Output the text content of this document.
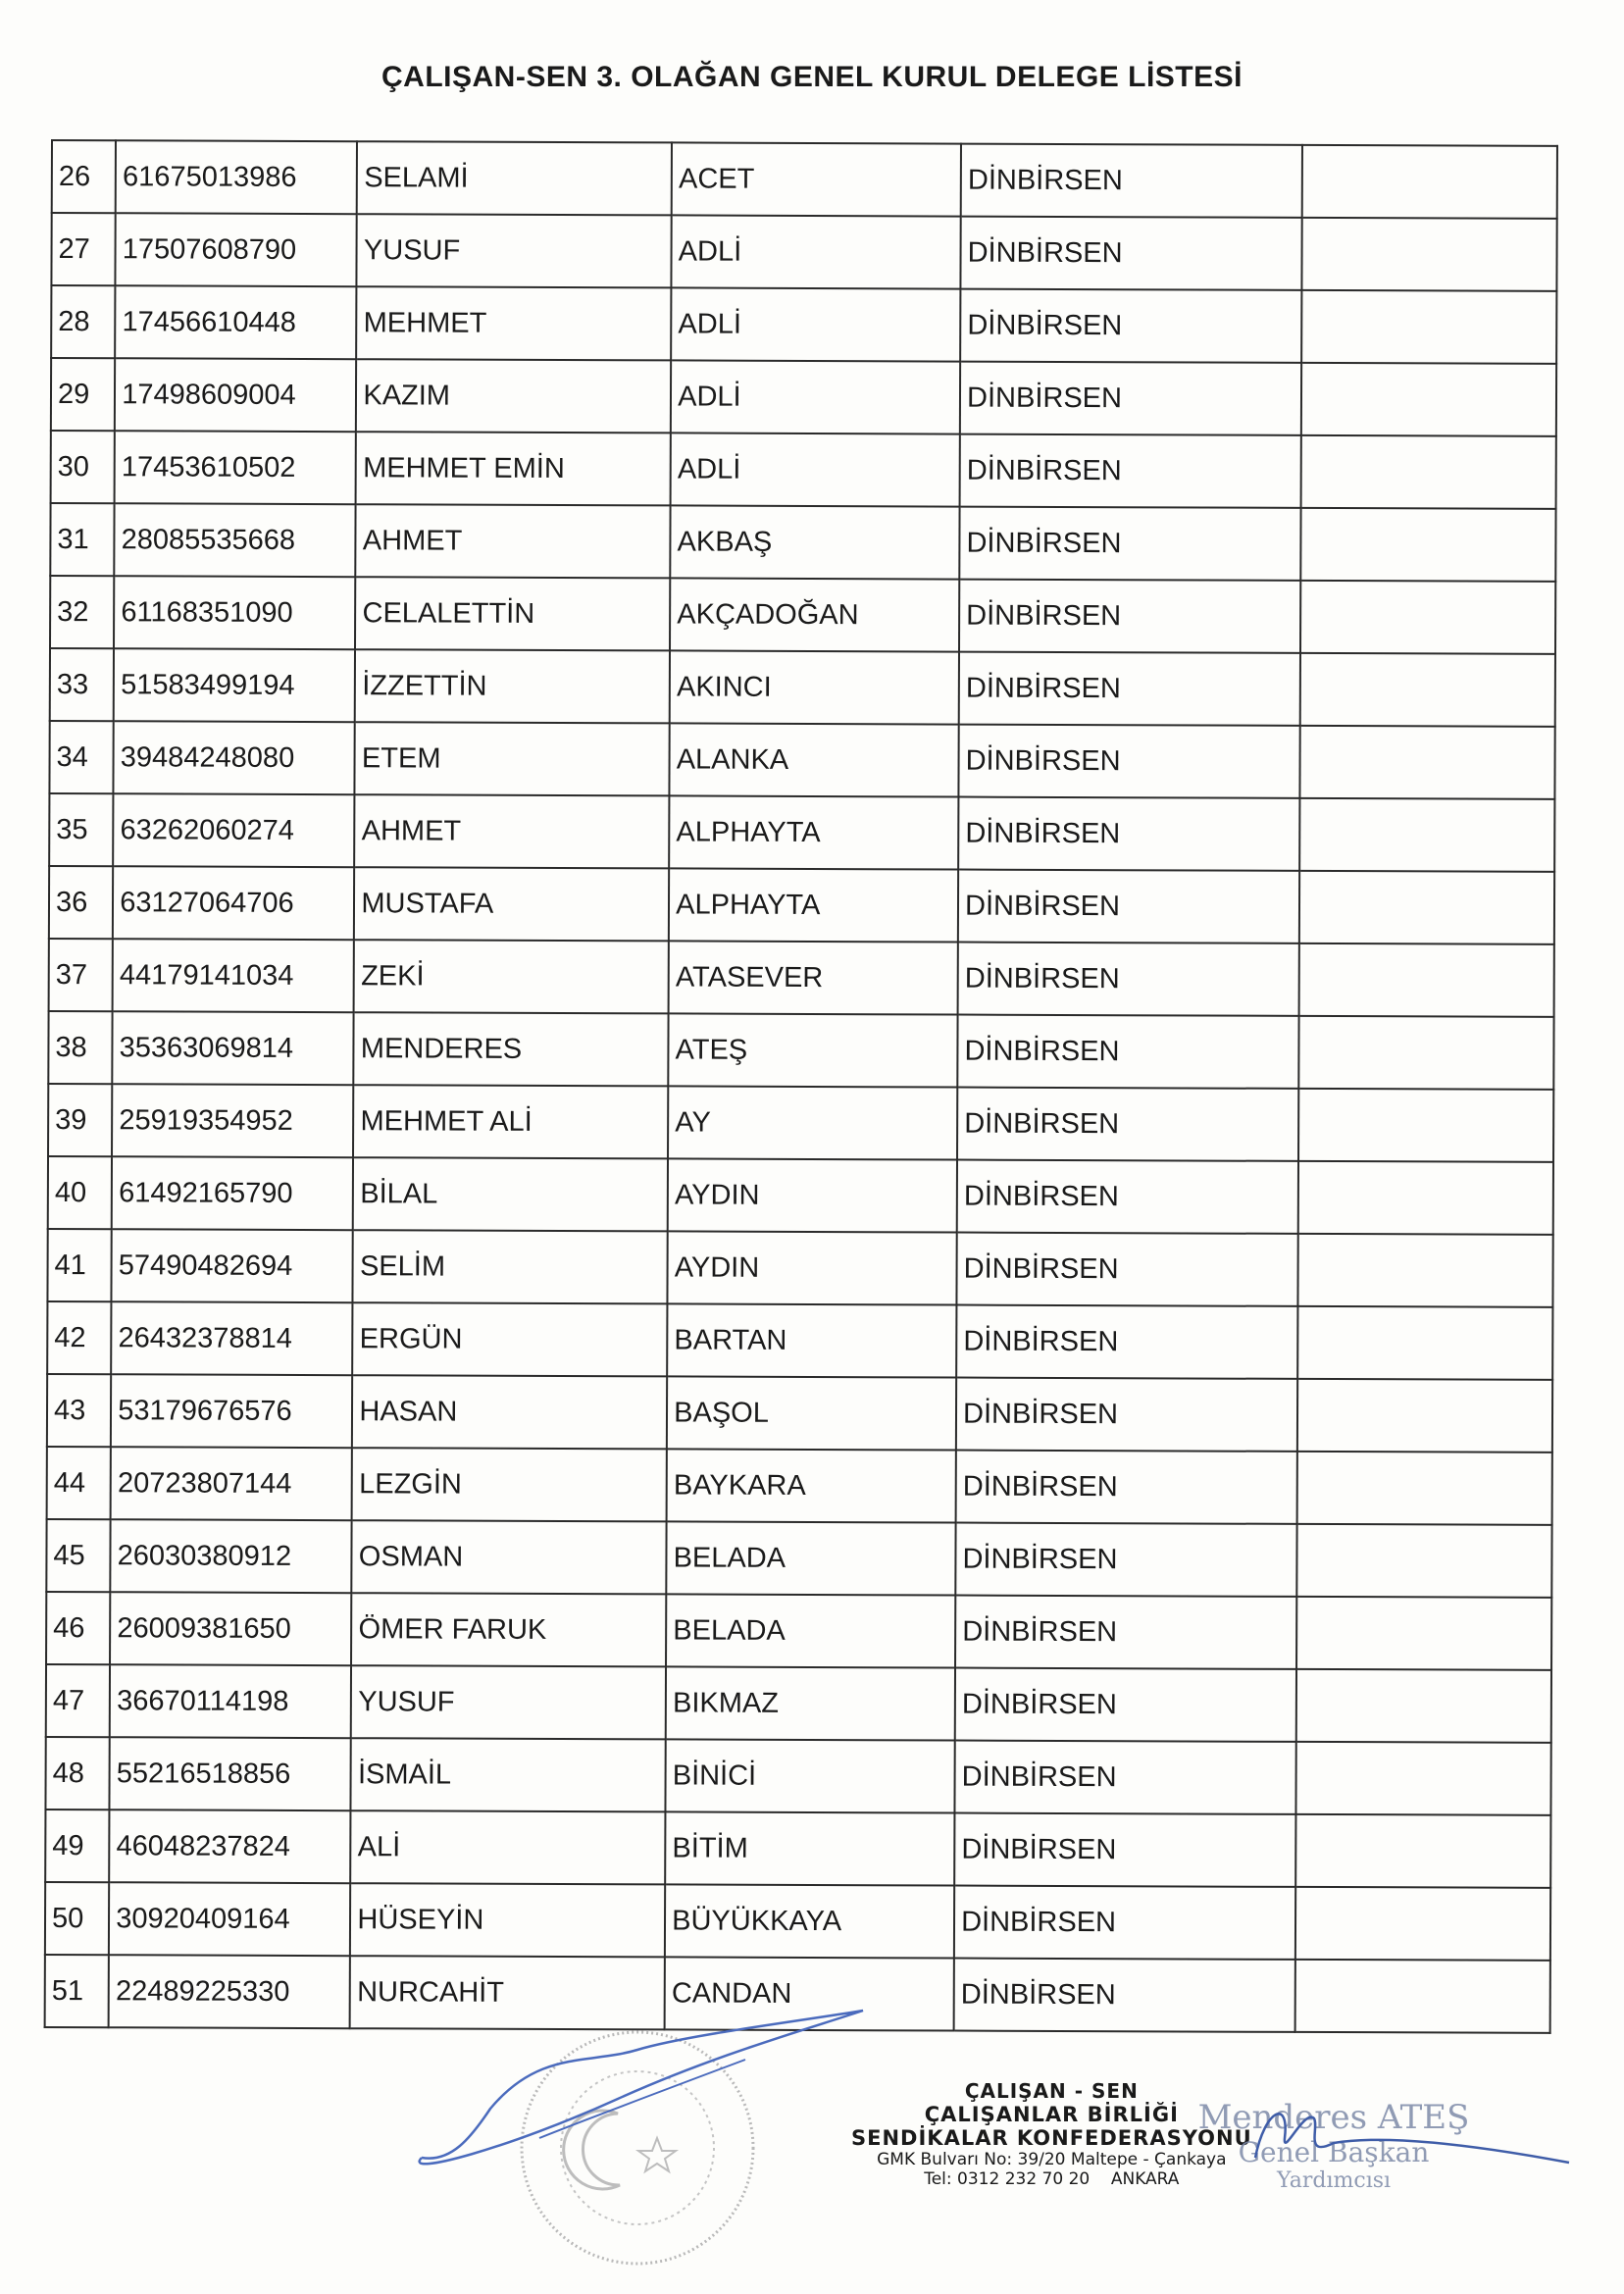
ÇALIŞAN-SEN 3. OLAĞAN GENEL KURUL DELEGE LİSTESİ
26	61675013986	SELAMİ	ACET	DİNBİRSEN	
27	17507608790	YUSUF	ADLİ	DİNBİRSEN	
28	17456610448	MEHMET	ADLİ	DİNBİRSEN	
29	17498609004	KAZIM	ADLİ	DİNBİRSEN	
30	17453610502	MEHMET EMİN	ADLİ	DİNBİRSEN	
31	28085535668	AHMET	AKBAŞ	DİNBİRSEN	
32	61168351090	CELALETTİN	AKÇADOĞAN	DİNBİRSEN	
33	51583499194	İZZETTİN	AKINCI	DİNBİRSEN	
34	39484248080	ETEM	ALANKA	DİNBİRSEN	
35	63262060274	AHMET	ALPHAYTA	DİNBİRSEN	
36	63127064706	MUSTAFA	ALPHAYTA	DİNBİRSEN	
37	44179141034	ZEKİ	ATASEVER	DİNBİRSEN	
38	35363069814	MENDERES	ATEŞ	DİNBİRSEN	
39	25919354952	MEHMET ALİ	AY	DİNBİRSEN	
40	61492165790	BİLAL	AYDIN	DİNBİRSEN	
41	57490482694	SELİM	AYDIN	DİNBİRSEN	
42	26432378814	ERGÜN	BARTAN	DİNBİRSEN	
43	53179676576	HASAN	BAŞOL	DİNBİRSEN	
44	20723807144	LEZGİN	BAYKARA	DİNBİRSEN	
45	26030380912	OSMAN	BELADA	DİNBİRSEN	
46	26009381650	ÖMER FARUK	BELADA	DİNBİRSEN	
47	36670114198	YUSUF	BIKMAZ	DİNBİRSEN	
48	55216518856	İSMAİL	BİNİCİ	DİNBİRSEN	
49	46048237824	ALİ	BİTİM	DİNBİRSEN	
50	30920409164	HÜSEYİN	BÜYÜKKAYA	DİNBİRSEN	
51	22489225330	NURCAHİT	CANDAN	DİNBİRSEN	
ÇALIŞAN - SEN
ÇALIŞANLAR BİRLİĞİ
SENDİKALAR KONFEDERASYONU
GMK Bulvarı No: 39/20 Maltepe - Çankaya
Tel: 0312 232 70 20 ANKARA
Menderes ATEŞ
Genel Başkan
Yardımcısı
